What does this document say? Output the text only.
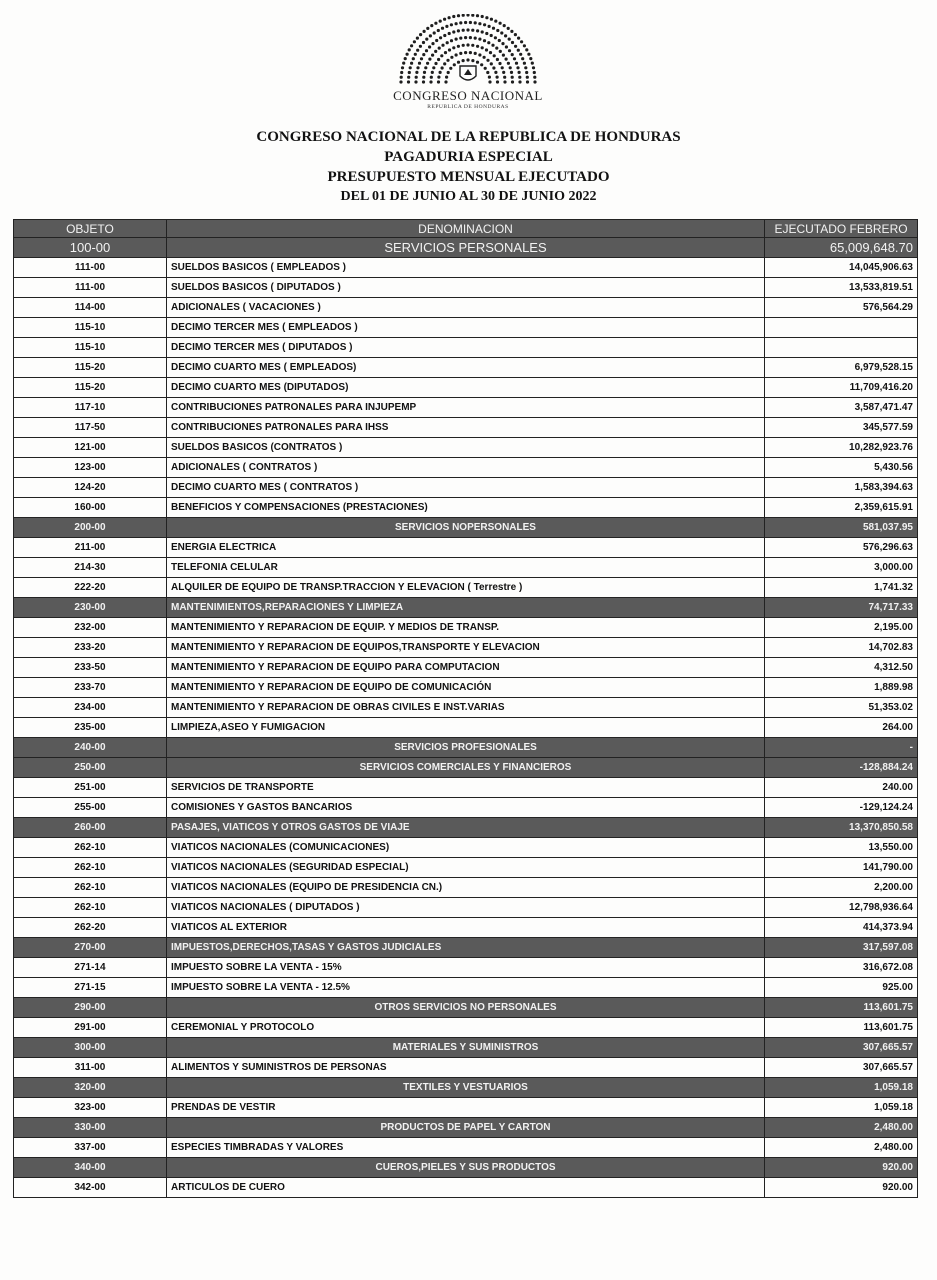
CONGRESO NACIONAL
REPUBLICA DE HONDURAS
CONGRESO NACIONAL DE LA REPUBLICA DE HONDURAS
PAGADURIA ESPECIAL
PRESUPUESTO MENSUAL EJECUTADO
DEL 01 DE JUNIO AL 30 DE JUNIO 2022
OBJETO	DENOMINACION	EJECUTADO FEBRERO
100-00	SERVICIOS PERSONALES	65,009,648.70
111-00	SUELDOS BASICOS ( EMPLEADOS )	14,045,906.63
111-00	SUELDOS BASICOS ( DIPUTADOS )	13,533,819.51
114-00	ADICIONALES ( VACACIONES )	576,564.29
115-10	DECIMO TERCER MES ( EMPLEADOS )	
115-10	DECIMO TERCER MES ( DIPUTADOS )	
115-20	DECIMO CUARTO MES ( EMPLEADOS)	6,979,528.15
115-20	DECIMO CUARTO MES (DIPUTADOS)	11,709,416.20
117-10	CONTRIBUCIONES PATRONALES PARA INJUPEMP	3,587,471.47
117-50	CONTRIBUCIONES PATRONALES PARA IHSS	345,577.59
121-00	SUELDOS BASICOS (CONTRATOS )	10,282,923.76
123-00	ADICIONALES ( CONTRATOS )	5,430.56
124-20	DECIMO CUARTO MES ( CONTRATOS )	1,583,394.63
160-00	BENEFICIOS Y COMPENSACIONES (PRESTACIONES)	2,359,615.91
200-00	SERVICIOS NOPERSONALES	581,037.95
211-00	ENERGIA ELECTRICA	576,296.63
214-30	TELEFONIA CELULAR	3,000.00
222-20	ALQUILER DE EQUIPO DE TRANSP.TRACCION Y ELEVACION ( Terrestre )	1,741.32
230-00	MANTENIMIENTOS,REPARACIONES Y LIMPIEZA	74,717.33
232-00	MANTENIMIENTO Y REPARACION DE EQUIP. Y MEDIOS DE TRANSP.	2,195.00
233-20	MANTENIMIENTO Y REPARACION DE EQUIPOS,TRANSPORTE Y ELEVACION	14,702.83
233-50	MANTENIMIENTO Y REPARACION DE EQUIPO PARA COMPUTACION	4,312.50
233-70	MANTENIMIENTO Y REPARACION DE EQUIPO DE COMUNICACIÓN	1,889.98
234-00	MANTENIMIENTO Y REPARACION DE OBRAS CIVILES E INST.VARIAS	51,353.02
235-00	LIMPIEZA,ASEO Y FUMIGACION	264.00
240-00	SERVICIOS PROFESIONALES	-
250-00	SERVICIOS COMERCIALES Y FINANCIEROS	-128,884.24
251-00	SERVICIOS DE TRANSPORTE	240.00
255-00	COMISIONES Y GASTOS BANCARIOS	-129,124.24
260-00	PASAJES, VIATICOS Y OTROS GASTOS DE VIAJE	13,370,850.58
262-10	VIATICOS NACIONALES (COMUNICACIONES)	13,550.00
262-10	VIATICOS NACIONALES (SEGURIDAD ESPECIAL)	141,790.00
262-10	VIATICOS NACIONALES (EQUIPO DE PRESIDENCIA CN.)	2,200.00
262-10	VIATICOS NACIONALES ( DIPUTADOS )	12,798,936.64
262-20	VIATICOS AL EXTERIOR	414,373.94
270-00	IMPUESTOS,DERECHOS,TASAS Y GASTOS JUDICIALES	317,597.08
271-14	IMPUESTO SOBRE LA VENTA - 15%	316,672.08
271-15	IMPUESTO SOBRE LA VENTA - 12.5%	925.00
290-00	OTROS SERVICIOS NO PERSONALES	113,601.75
291-00	CEREMONIAL Y PROTOCOLO	113,601.75
300-00	MATERIALES Y SUMINISTROS	307,665.57
311-00	ALIMENTOS Y SUMINISTROS DE PERSONAS	307,665.57
320-00	TEXTILES Y VESTUARIOS	1,059.18
323-00	PRENDAS DE VESTIR	1,059.18
330-00	PRODUCTOS DE PAPEL Y CARTON	2,480.00
337-00	ESPECIES TIMBRADAS Y VALORES	2,480.00
340-00	CUEROS,PIELES Y SUS PRODUCTOS	920.00
342-00	ARTICULOS DE CUERO	920.00
